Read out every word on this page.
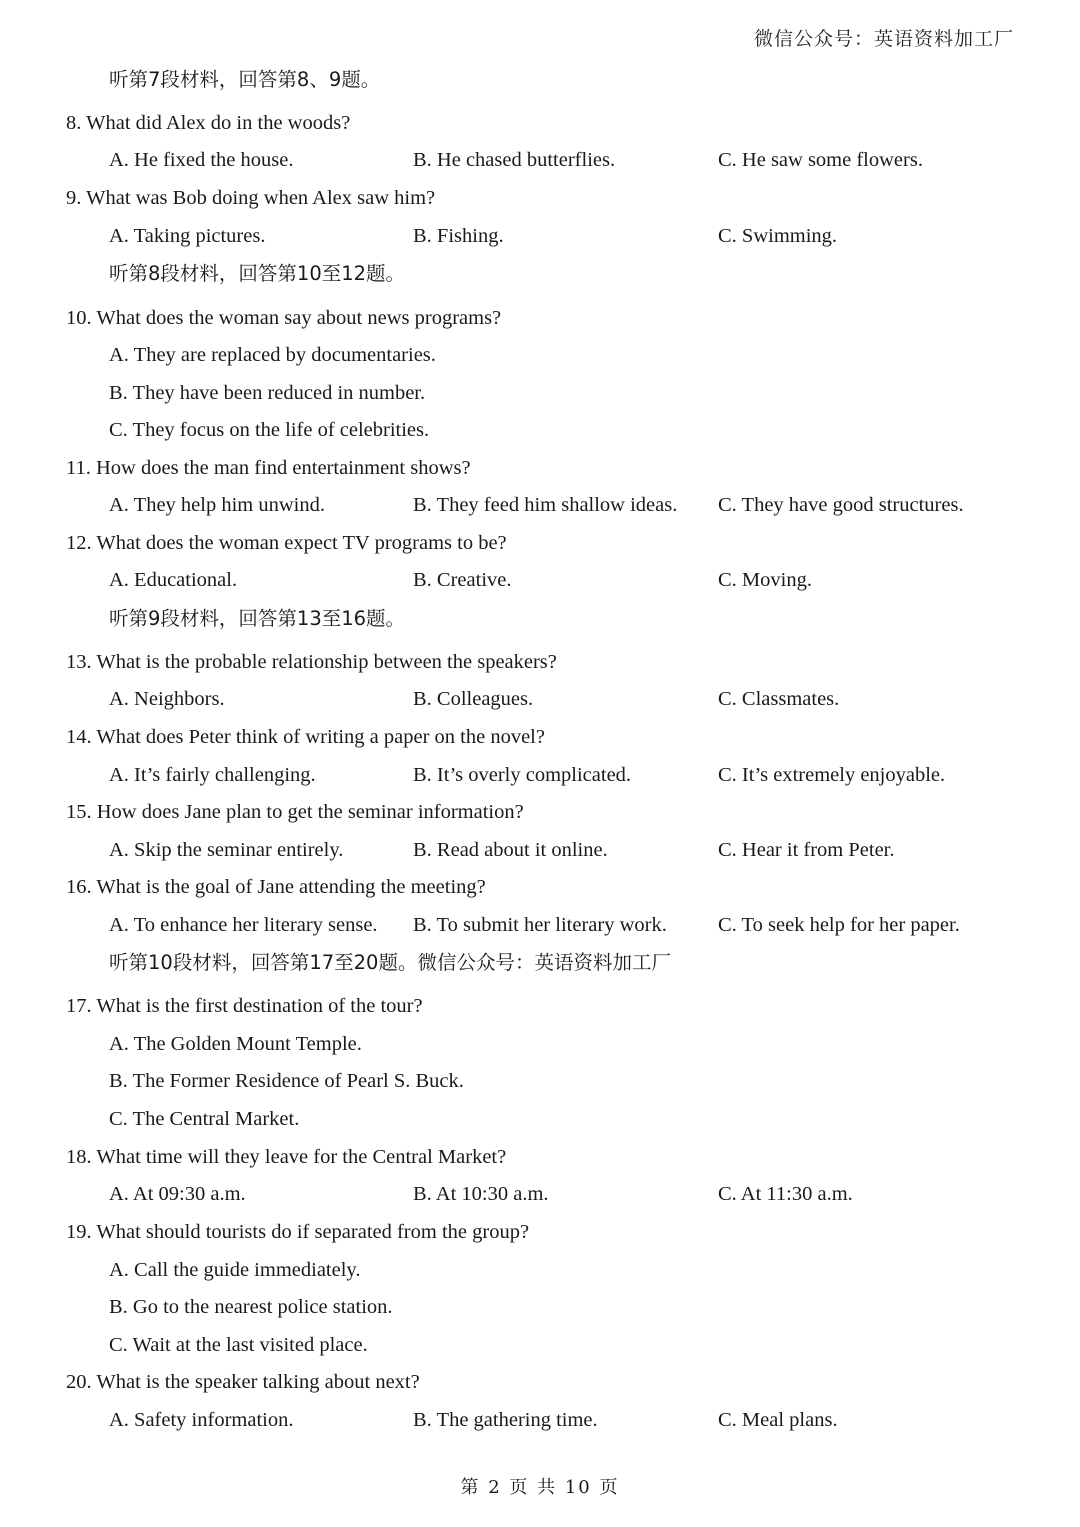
微信公众号：英语资料加工厂
听第7段材料，回答第8、9题。
8. What did Alex do in the woods?
A. He fixed the house.	B. He chased butterflies.	C. He saw some flowers.
9. What was Bob doing when Alex saw him?
A. Taking pictures.	B. Fishing.	C. Swimming.
听第8段材料，回答第10至12题。
10. What does the woman say about news programs?
A. They are replaced by documentaries.
B. They have been reduced in number.
C. They focus on the life of celebrities.
11. How does the man find entertainment shows?
A. They help him unwind.	B. They feed him shallow ideas. C. They have good structures.
12. What does the woman expect TV programs to be?
A. Educational.	B. Creative.	C. Moving.
听第9段材料，回答第13至16题。
13. What is the probable relationship between the speakers?
A. Neighbors.	B. Colleagues.	C. Classmates.
14. What does Peter think of writing a paper on the novel?
A. It’s fairly challenging.	B. It’s overly complicated.	C. It’s extremely enjoyable.
15. How does Jane plan to get the seminar information?
A. Skip the seminar entirely.	B. Read about it online.	C. Hear it from Peter.
16. What is the goal of Jane attending the meeting?
A. To enhance her literary sense. B. To submit her literary work. C. To seek help for her paper.
听第10段材料，回答第17至20题。微信公众号：英语资料加工厂
17. What is the first destination of the tour?
A. The Golden Mount Temple.
B. The Former Residence of Pearl S. Buck.
C. The Central Market.
18. What time will they leave for the Central Market?
A. At 09:30 a.m.	B. At 10:30 a.m.	C. At 11:30 a.m.
19. What should tourists do if separated from the group?
A. Call the guide immediately.
B. Go to the nearest police station.
C. Wait at the last visited place.
20. What is the speaker talking about next?
A. Safety information.	B. The gathering time.	C. Meal plans.
第 2 页 共 10 页
